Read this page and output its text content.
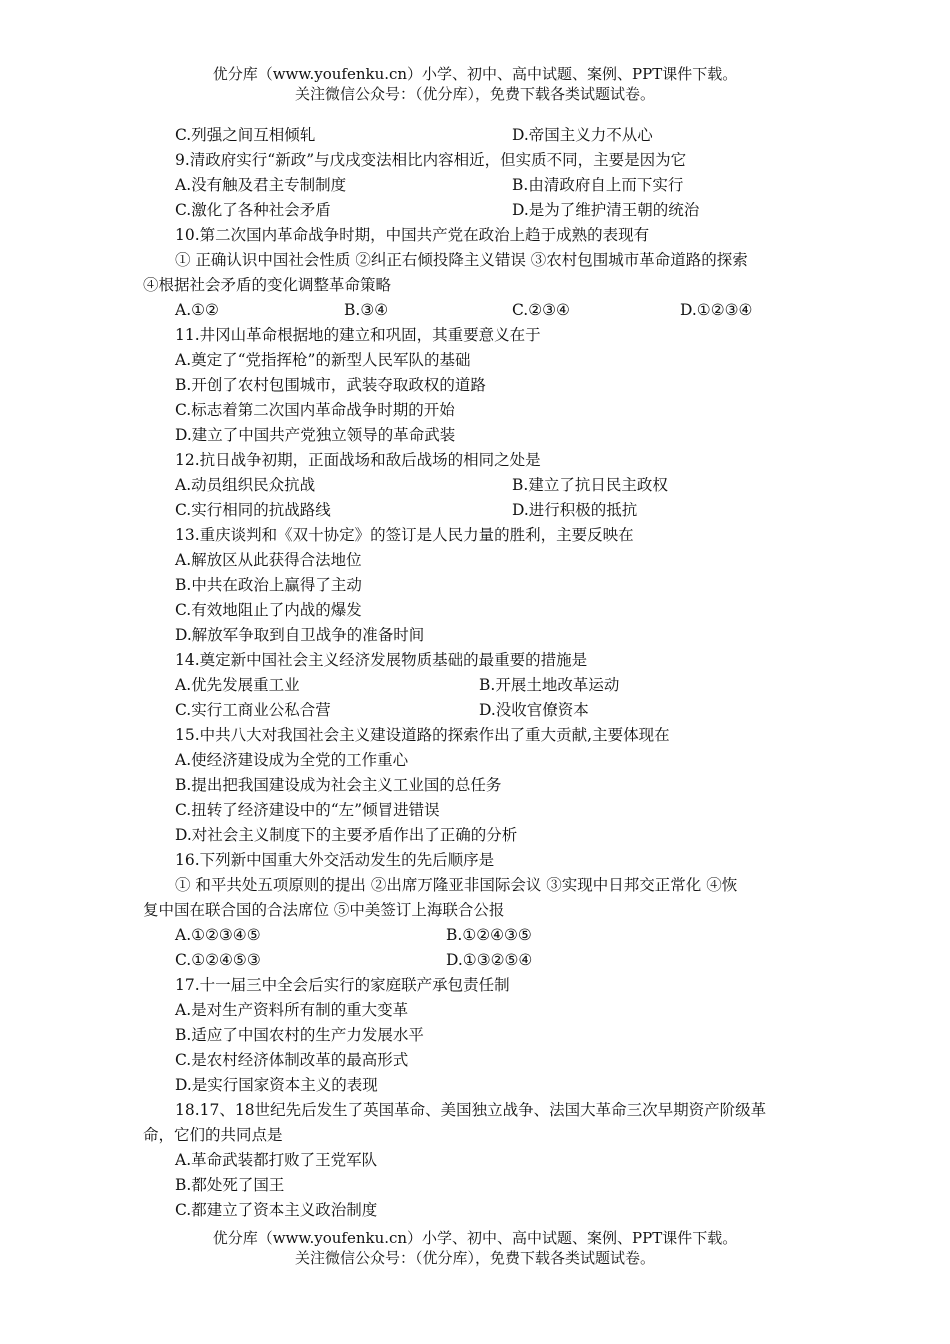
优分库（www.youfenku.cn）小学、初中、高中试题、案例、PPT课件下载。
关注微信公众号：（优分库），免费下载各类试题试卷。
C.列强之间互相倾轧	D.帝国主义力不从心
9.清政府实行“新政”与戊戌变法相比内容相近，但实质不同，主要是因为它
A.没有触及君主专制制度	B.由清政府自上而下实行
C.激化了各种社会矛盾	D.是为了维护清王朝的统治
10.第二次国内革命战争时期，中国共产党在政治上趋于成熟的表现有
① 正确认识中国社会性质 ②纠正右倾投降主义错误 ③农村包围城市革命道路的探索
④根据社会矛盾的变化调整革命策略
A.①②	B.③④	C.②③④	D.①②③④
11.井冈山革命根据地的建立和巩固，其重要意义在于
A.奠定了“党指挥枪”的新型人民军队的基础
B.开创了农村包围城市，武装夺取政权的道路
C.标志着第二次国内革命战争时期的开始
D.建立了中国共产党独立领导的革命武装
12.抗日战争初期，正面战场和敌后战场的相同之处是
A.动员组织民众抗战	B.建立了抗日民主政权
C.实行相同的抗战路线	D.进行积极的抵抗
13.重庆谈判和《双十协定》的签订是人民力量的胜利，主要反映在
A.解放区从此获得合法地位
B.中共在政治上赢得了主动
C.有效地阻止了内战的爆发
D.解放军争取到自卫战争的准备时间
14.奠定新中国社会主义经济发展物质基础的最重要的措施是
A.优先发展重工业	B.开展土地改革运动
C.实行工商业公私合营	D.没收官僚资本
15.中共八大对我国社会主义建设道路的探索作出了重大贡献,主要体现在
A.使经济建设成为全党的工作重心
B.提出把我国建设成为社会主义工业国的总任务
C.扭转了经济建设中的“左”倾冒进错误
D.对社会主义制度下的主要矛盾作出了正确的分析
16.下列新中国重大外交活动发生的先后顺序是
① 和平共处五项原则的提出 ②出席万隆亚非国际会议 ③实现中日邦交正常化 ④恢
复中国在联合国的合法席位 ⑤中美签订上海联合公报
A.①②③④⑤	B.①②④③⑤
C.①②④⑤③	D.①③②⑤④
17.十一届三中全会后实行的家庭联产承包责任制
A.是对生产资料所有制的重大变革
B.适应了中国农村的生产力发展水平
C.是农村经济体制改革的最高形式
D.是实行国家资本主义的表现
18.17、18世纪先后发生了英国革命、美国独立战争、法国大革命三次早期资产阶级革
命，它们的共同点是
A.革命武装都打败了王党军队
B.都处死了国王
C.都建立了资本主义政治制度
优分库（www.youfenku.cn）小学、初中、高中试题、案例、PPT课件下载。
关注微信公众号：（优分库），免费下载各类试题试卷。
